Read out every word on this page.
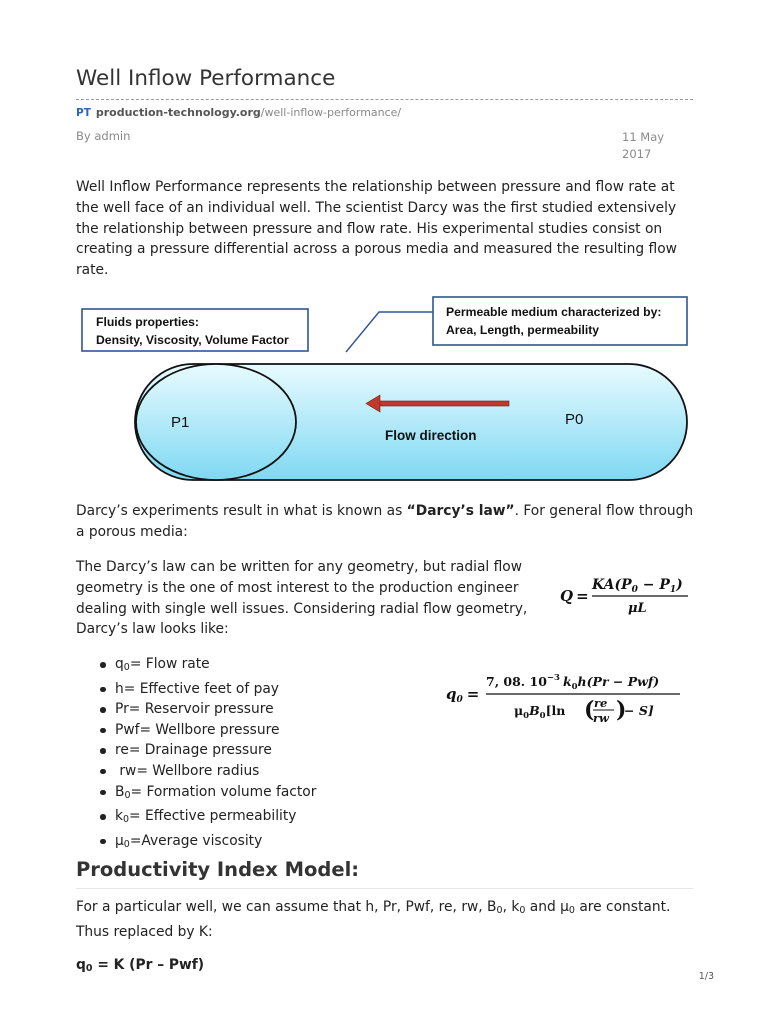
Well Inflow Performance
PT production-technology.org/well-inflow-performance/
By admin	11 May
2017
Well Inflow Performance represents the relationship between pressure and flow rate at the well face of an individual well. The scientist Darcy was the first studied extensively the relationship between pressure and flow rate. His experimental studies consist on creating a pressure differential across a porous media and measured the resulting flow rate.
Fluids properties:
Density, Viscosity, Volume Factor
Permeable medium characterized by:
Area, Length, permeability
P1	P0
Flow direction
Darcy’s experiments result in what is known as “Darcy’s law”. For general flow through a porous media:
The Darcy’s law can be written for any geometry, but radial flow geometry is the one of most interest to the production engineer dealing with single well issues. Considering radial flow geometry, Darcy’s law looks like:
Q =
$KA(P_0 - P_1)$
μL
$q_0$ =
7, 08. $10^{-3}$ $k_0h(Pr - Pwf)$
$\mu_0B_0[\ln$ ( re
rw )
− S]
$q_0=$ Flow rate
h= Effective feet of pay
Pr= Reservoir pressure
Pwf= Wellbore pressure
re= Drainage pressure
rw= Wellbore radius
$B_0=$ Formation volume factor
$k_0=$ Effective permeability
$\mu_0=Average$ viscosity
Productivity Index Model:
For a particular well, we can assume that h, Pr, Pwf, re, rw, $B_0$, $k_0$ and $\mu_0$ are constant. Thus replaced by K:
$q_0 = K$ (Pr – Pwf)
1/3
